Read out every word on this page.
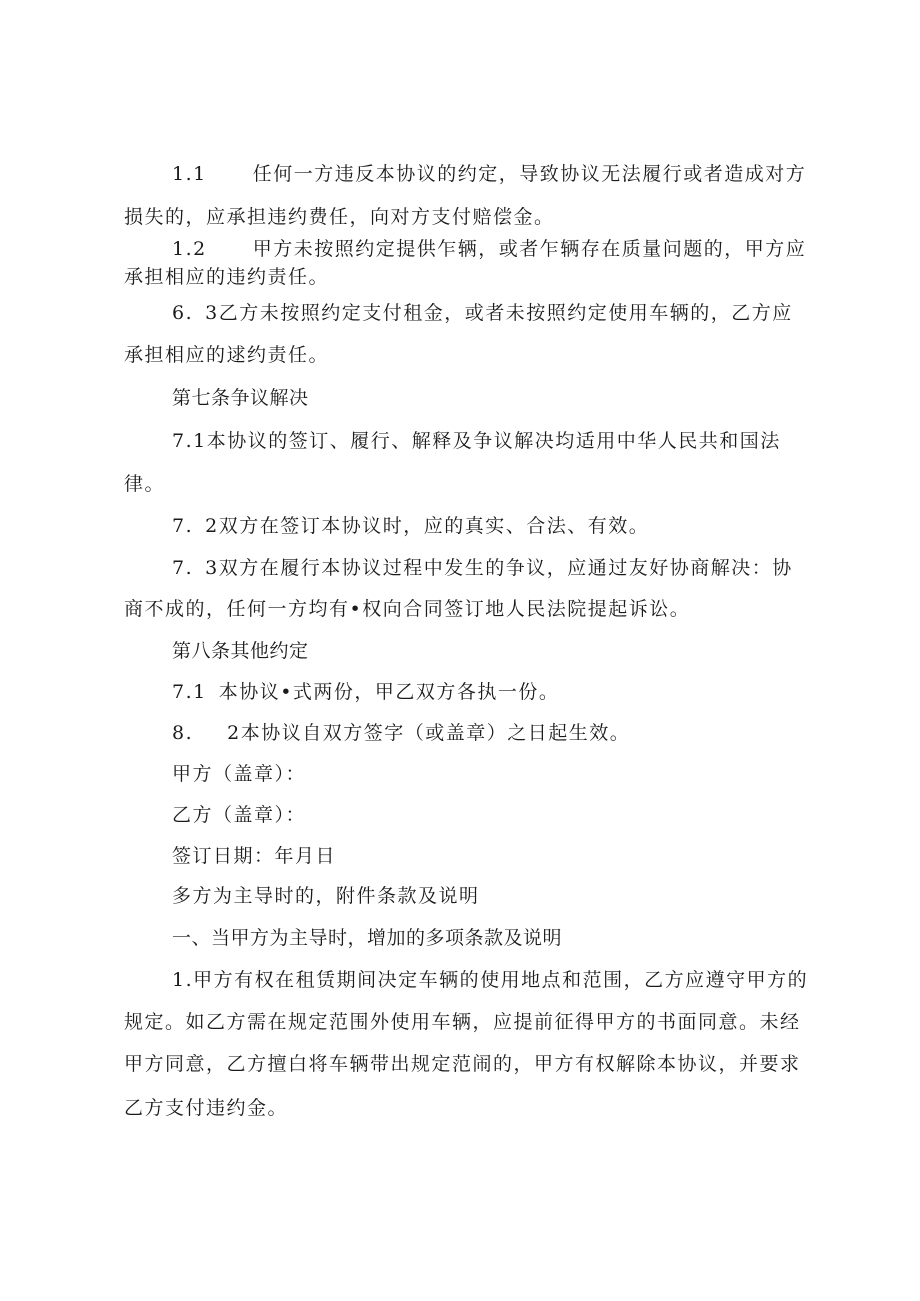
1.1 任何一方违反本协议的约定，导致协议无法履行或者造成对方

损失的，应承担违约费任，向对方支付赔偿金。

1.2 甲方未按照约定提供乍辆，或者乍辆存在质量问题的，甲方应

承担相应的违约责任。

6. 3乙方未按照约定支付租金，或者未按照约定使用车辆的，乙方应

承担相应的逑约责任。

第七条争议解决

7.1本协议的签订、履行、解释及争议解决均适用中华人民共和国法

律。

7. 2双方在签订本协议时，应的真实、合法、有效。

7. 3双方在履行本协议过程中发生的争议，应通过友好协商解决：协

商不成的，任何一方均有•权向合同签订地人民法院提起诉讼。

第八条其他约定

7.1 本协议•式两份，甲乙双方各执一份。

8. 2本协议自双方签字（或盖章）之日起生效。

甲方（盖章）：

乙方（盖章）：

签订日期：年月日

多方为主导时的，附件条款及说明

一、当甲方为主导时，增加的多项条款及说明

1.甲方有权在租赁期间决定车辆的使用地点和范围，乙方应遵守甲方的

规定。如乙方需在规定范围外使用车辆，应提前征得甲方的书面同意。未经

甲方同意，乙方擅白将车辆带出规定范闹的，甲方有权解除本协议，并要求

乙方支付违约金。
